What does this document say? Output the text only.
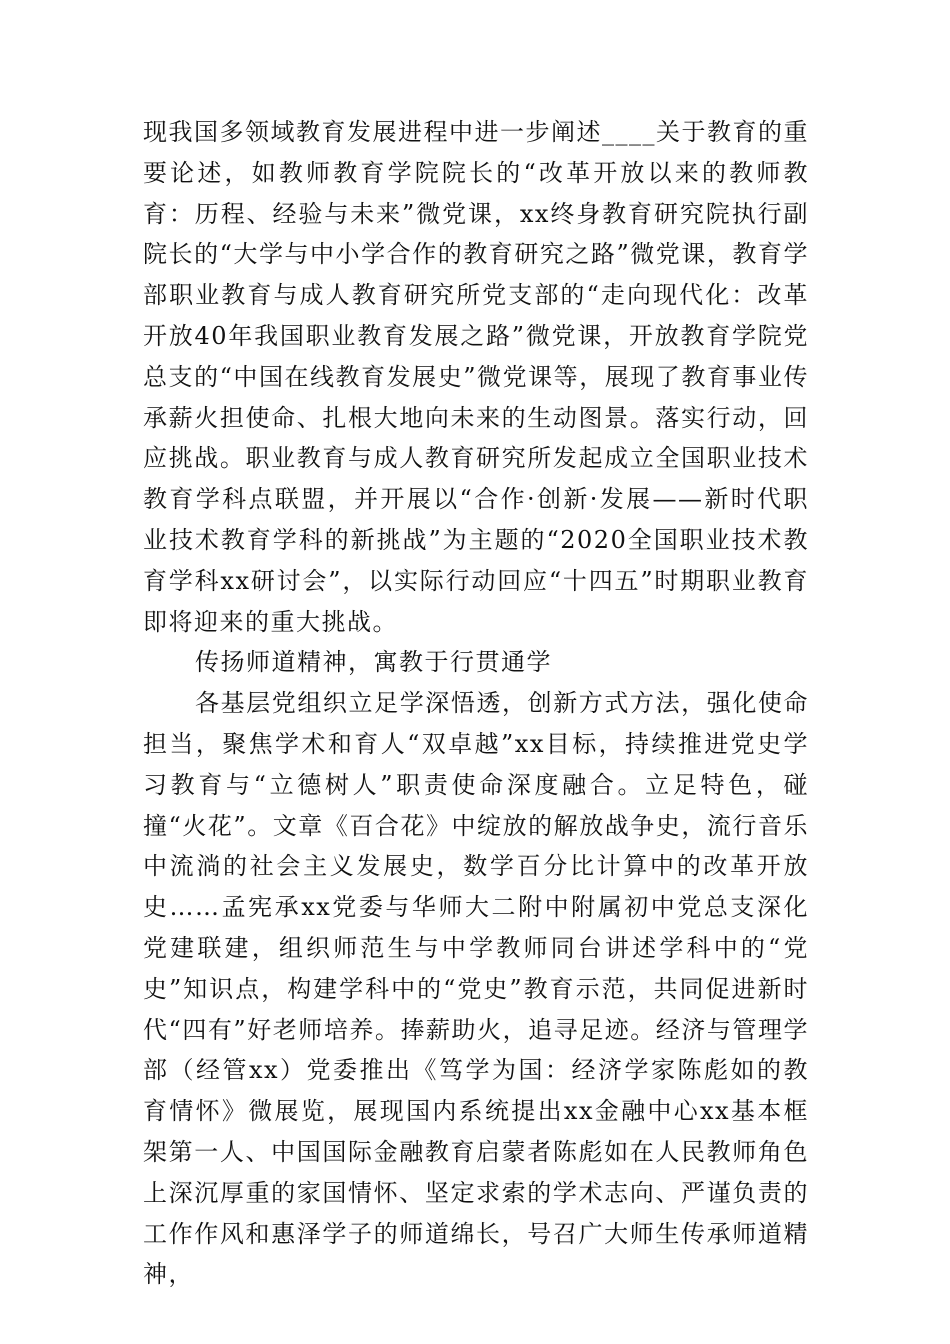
现我国多领域教育发展进程中进一步阐述____关于教育的重要论述，如教师教育学院院长的“改革开放以来的教师教育：历程、经验与未来”微党课，xx终身教育研究院执行副院长的“大学与中小学合作的教育研究之路”微党课，教育学部职业教育与成人教育研究所党支部的“走向现代化：改革开放40年我国职业教育发展之路”微党课，开放教育学院党总支的“中国在线教育发展史”微党课等，展现了教育事业传承薪火担使命、扎根大地向未来的生动图景。落实行动，回应挑战。职业教育与成人教育研究所发起成立全国职业技术教育学科点联盟，并开展以“合作·创新·发展——新时代职业技术教育学科的新挑战”为主题的“2020全国职业技术教育学科xx研讨会”，以实际行动回应“十四五”时期职业教育即将迎来的重大挑战。

传扬师道精神，寓教于行贯通学

各基层党组织立足学深悟透，创新方式方法，强化使命担当，聚焦学术和育人“双卓越”xx目标，持续推进党史学习教育与“立德树人”职责使命深度融合。立足特色，碰撞“火花”。文章《百合花》中绽放的解放战争史，流行音乐中流淌的社会主义发展史，数学百分比计算中的改革开放史……孟宪承xx党委与华师大二附中附属初中党总支深化党建联建，组织师范生与中学教师同台讲述学科中的“党史”知识点，构建学科中的“党史”教育示范，共同促进新时代“四有”好老师培养。捧薪助火，追寻足迹。经济与管理学部（经管xx）党委推出《笃学为国：经济学家陈彪如的教育情怀》微展览，展现国内系统提出xx金融中心xx基本框架第一人、中国国际金融教育启蒙者陈彪如在人民教师角色上深沉厚重的家国情怀、坚定求索的学术志向、严谨负责的工作作风和惠泽学子的师道绵长，号召广大师生传承师道精神，
